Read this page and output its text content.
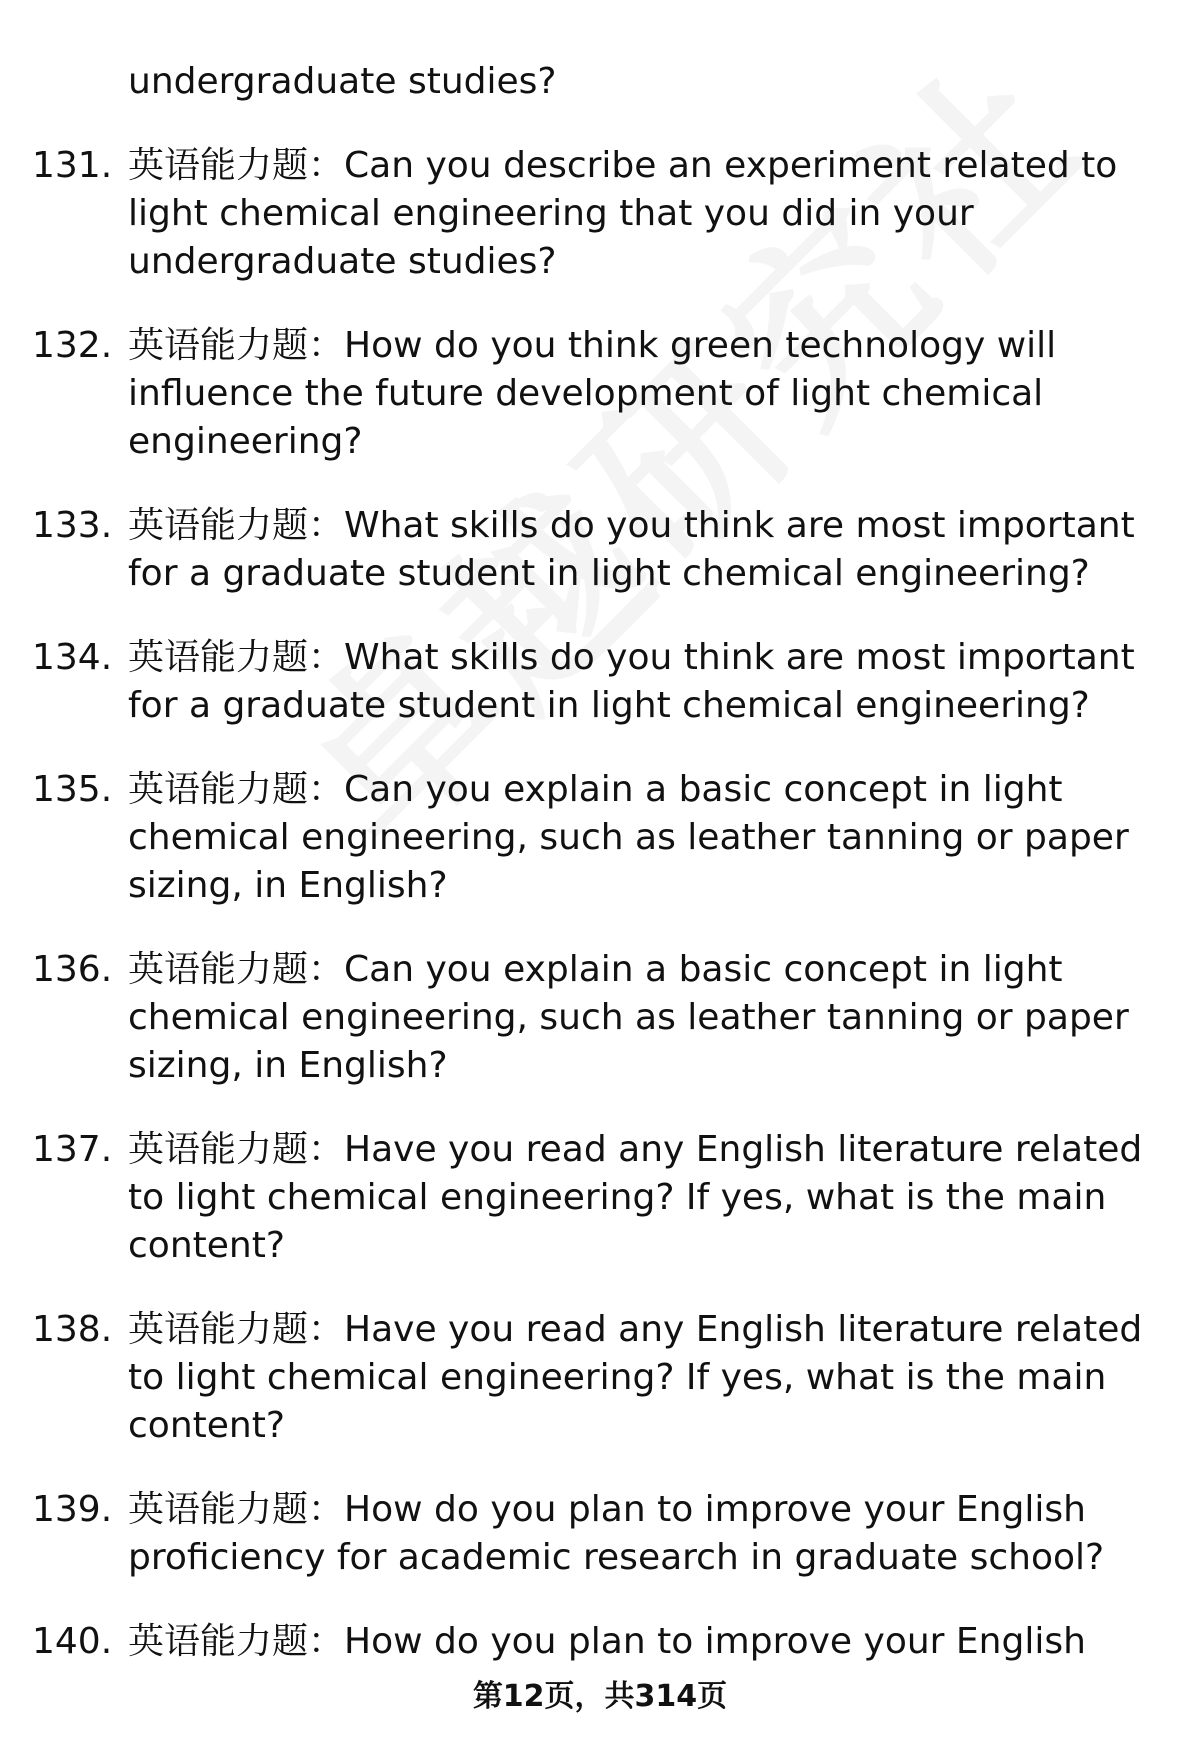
undergraduate studies?
131. 英语能力题：Can you describe an experiment related to light chemical engineering that you did in your undergraduate studies?
132. 英语能力题：How do you think green technology will influence the future development of light chemical engineering?
133. 英语能力题：What skills do you think are most important for a graduate student in light chemical engineering?
134. 英语能力题：What skills do you think are most important for a graduate student in light chemical engineering?
135. 英语能力题：Can you explain a basic concept in light chemical engineering, such as leather tanning or paper sizing, in English?
136. 英语能力题：Can you explain a basic concept in light chemical engineering, such as leather tanning or paper sizing, in English?
137. 英语能力题：Have you read any English literature related to light chemical engineering? If yes, what is the main content?
138. 英语能力题：Have you read any English literature related to light chemical engineering? If yes, what is the main content?
139. 英语能力题：How do you plan to improve your English proficiency for academic research in graduate school?
140. 英语能力题：How do you plan to improve your English
第12页，共314页
